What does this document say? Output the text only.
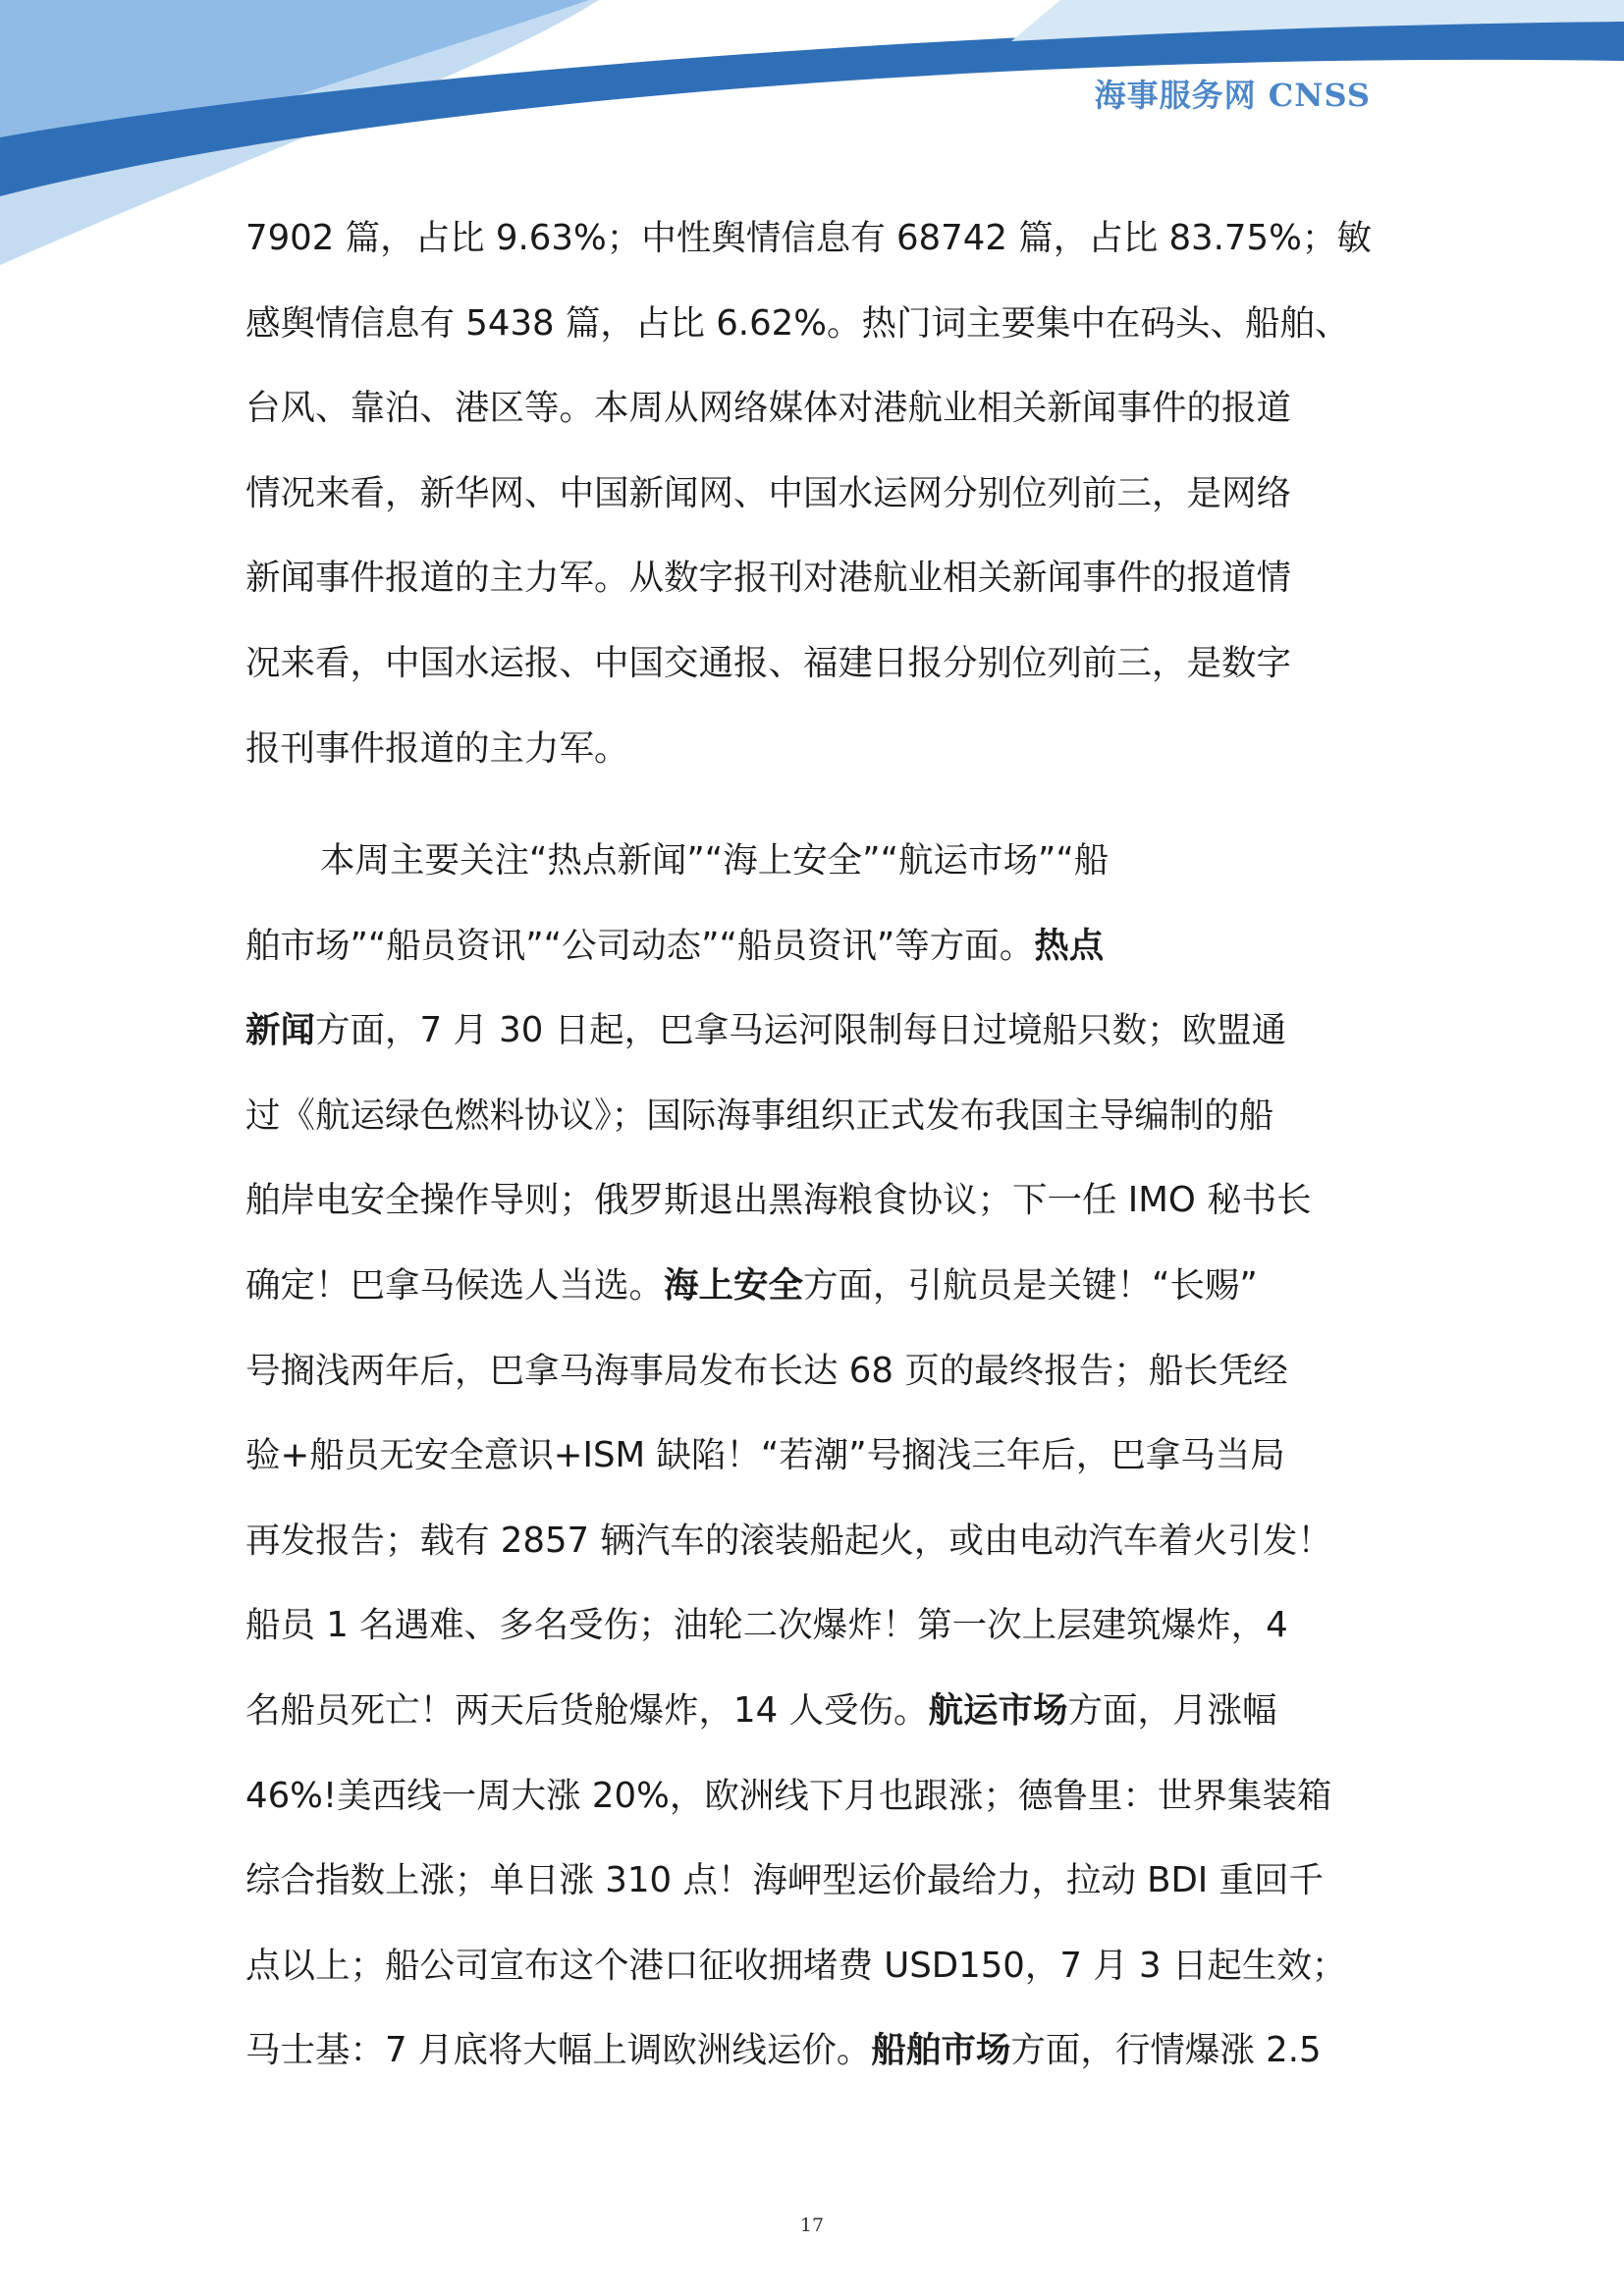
海事服务网 CNSS
7902 篇，占比 9.63%；中性舆情信息有 68742 篇，占比 83.75%；敏
感舆情信息有 5438 篇，占比 6.62%。热门词主要集中在码头、船舶、
台风、靠泊、港区等。本周从网络媒体对港航业相关新闻事件的报道
情况来看，新华网、中国新闻网、中国水运网分别位列前三，是网络
新闻事件报道的主力军。从数字报刊对港航业相关新闻事件的报道情
况来看，中国水运报、中国交通报、福建日报分别位列前三，是数字
报刊事件报道的主力军。
本周主要关注“热点新闻”“海上安全”“航运市场”“船
舶市场”“船员资讯”“公司动态”“船员资讯”等方面。热点
新闻方面，7 月 30 日起，巴拿马运河限制每日过境船只数；欧盟通
过《航运绿色燃料协议》；国际海事组织正式发布我国主导编制的船
舶岸电安全操作导则；俄罗斯退出黑海粮食协议；下一任 IMO 秘书长
确定！巴拿马候选人当选。海上安全方面，引航员是关键！“长赐”
号搁浅两年后，巴拿马海事局发布长达 68 页的最终报告；船长凭经
验+船员无安全意识+ISM 缺陷！“若潮”号搁浅三年后，巴拿马当局
再发报告；载有 2857 辆汽车的滚装船起火，或由电动汽车着火引发！
船员 1 名遇难、多名受伤；油轮二次爆炸！第一次上层建筑爆炸，4
名船员死亡！两天后货舱爆炸，14 人受伤。航运市场方面，月涨幅
46%!美西线一周大涨 20%，欧洲线下月也跟涨；德鲁里：世界集装箱
综合指数上涨；单日涨 310 点！海岬型运价最给力，拉动 BDI 重回千
点以上；船公司宣布这个港口征收拥堵费 USD150，7 月 3 日起生效；
马士基：7 月底将大幅上调欧洲线运价。船舶市场方面，行情爆涨 2.5
17
